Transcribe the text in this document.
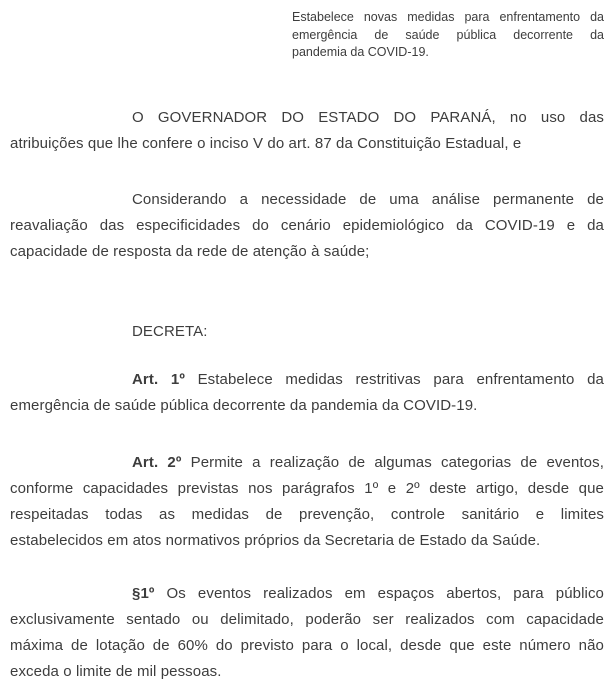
Estabelece novas medidas para enfrentamento da
emergência de saúde pública decorrente da
pandemia da COVID-19.
O GOVERNADOR DO ESTADO DO PARANÁ, no uso das
atribuições que lhe confere o inciso V do art. 87 da Constituição Estadual, e
Considerando a necessidade de uma análise permanente de
reavaliação das especificidades do cenário epidemiológico da COVID-19 e da
capacidade de resposta da rede de atenção à saúde;
DECRETA:
Art. 1º Estabelece medidas restritivas para enfrentamento da
emergência de saúde pública decorrente da pandemia da COVID-19.
Art. 2º Permite a realização de algumas categorias de eventos,
conforme capacidades previstas nos parágrafos 1º e 2º deste artigo, desde que
respeitadas todas as medidas de prevenção, controle sanitário e limites
estabelecidos em atos normativos próprios da Secretaria de Estado da Saúde.
§1º Os eventos realizados em espaços abertos, para público
exclusivamente sentado ou delimitado, poderão ser realizados com capacidade
máxima de lotação de 60% do previsto para o local, desde que este número não
exceda o limite de mil pessoas.
